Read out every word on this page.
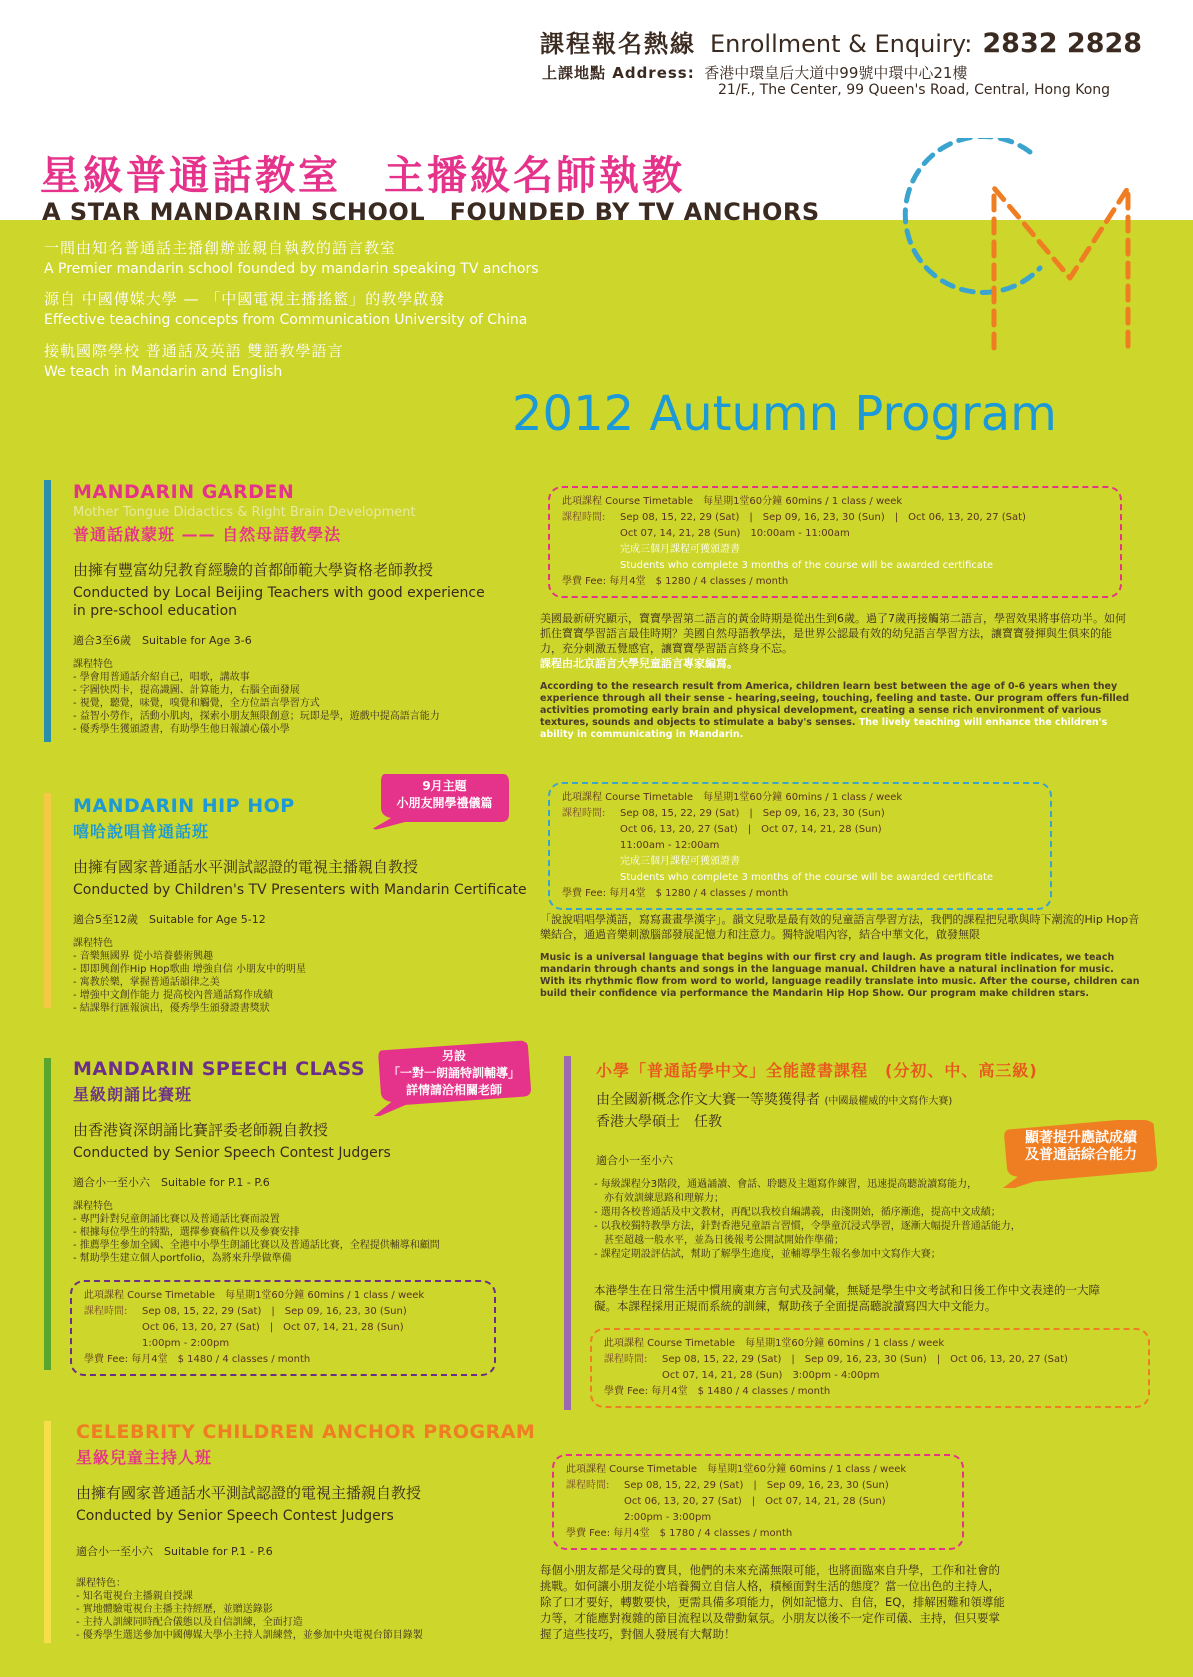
課程報名熱線 Enrollment & Enquiry: 2832 2828
上課地點 Address: 香港中環皇后大道中99號中環中心21樓
21/F., The Center, 99 Queen's Road, Central, Hong Kong
星級普通話教室　主播級名師執教
A STAR MANDARIN SCHOOL　FOUNDED BY TV ANCHORS
一間由知名普通話主播創辦並親自執教的語言教室
A Premier mandarin school founded by mandarin speaking TV anchors
源自 中國傳媒大學 — 「中國電視主播搖籃」的教學啟發
Effective teaching concepts from Communication University of China
接軌國際學校 普通話及英語 雙語教學語言
We teach in Mandarin and English
2012 Autumn Program
MANDARIN GARDEN
Mother Tongue Didactics & Right Brain Development
普通話啟蒙班 —— 自然母語教學法
由擁有豐富幼兒教育經驗的首都師範大學資格老師教授
Conducted by Local Beijing Teachers with good experience
in pre-school education
適合3至6歲　Suitable for Age 3-6
課程特色
- 學會用普通話介紹自己，唱歌，講故事
- 字圖快閃卡，提高識圖、計算能力，右腦全面發展
- 視覺，聽覺，味覺，嗅覺和觸覺，全方位語言學習方式
- 益智小勞作，活動小肌肉，探索小朋友無限創意；玩即是學，遊戲中提高語言能力
- 優秀學生獲頒證書，有助學生他日報讀心儀小學
此項課程 Course Timetable　每星期1堂60分鐘 60mins / 1 class / week
課程時間:	Sep 08, 15, 22, 29 (Sat)　|　Sep 09, 16, 23, 30 (Sun)　|　Oct 06, 13, 20, 27 (Sat)
Oct 07, 14, 21, 28 (Sun)　10:00am - 11:00am
完成三個月課程可獲頒證書
Students who complete 3 months of the course will be awarded certificate
學費 Fee: 每月4堂　$ 1280 / 4 classes / month
美國最新研究顯示，寶寶學習第二語言的黃金時期是從出生到6歲。過了7歲再接觸第二語言，學習效果將事倍功半。如何抓住寶寶學習語言最佳時期？美國自然母語教學法，是世界公認最有效的幼兒語言學習方法，讓寶寶發揮與生俱來的能力，充分刺激五覺感官，讓寶寶學習語言終身不忘。
課程由北京語言大學兒童語言專家編寫。
According to the research result from America, children learn best between the age of 0-6 years when they experience through all their sense - hearing,seeing, touching, feeling and taste. Our program offers fun-filled activities promoting early brain and physical development, creating a sense rich environment of various textures, sounds and objects to stimulate a baby's senses. The lively teaching will enhance the children's ability in communicating in Mandarin.
MANDARIN HIP HOP
嘻哈說唱普通話班
由擁有國家普通話水平測試認證的電視主播親自教授
Conducted by Children's TV Presenters with Mandarin Certificate
適合5至12歲　Suitable for Age 5-12
課程特色
- 音樂無國界 從小培養藝術興趣
- 即即興創作Hip Hop歌曲 增強自信 小朋友中的明星
- 寓教於樂，掌握普通話韻律之美
- 增強中文創作能力 提高校內普通話寫作成績
- 結課舉行匯報演出，優秀學生頒發證書獎狀
9月主題
小朋友開學禮儀篇	此項課程 Course Timetable　每星期1堂60分鐘 60mins / 1 class / week
課程時間:	Sep 08, 15, 22, 29 (Sat)　|　Sep 09, 16, 23, 30 (Sun)
Oct 06, 13, 20, 27 (Sat)　|　Oct 07, 14, 21, 28 (Sun)
11:00am - 12:00am
完成三個月課程可獲頒證書
Students who complete 3 months of the course will be awarded certificate
學費 Fee: 每月4堂　$ 1280 / 4 classes / month
「說說唱唱學漢語，寫寫畫畫學漢字」。韻文兒歌是最有效的兒童語言學習方法，我們的課程把兒歌與時下潮流的Hip Hop音樂結合，通過音樂刺激腦部發展記憶力和注意力。獨特說唱內容，結合中華文化，啟發無限
Music is a universal language that begins with our first cry and laugh. As program title indicates, we teach mandarin through chants and songs in the language manual. Children have a natural inclination for music. With its rhythmic flow from word to world, language readily translate into music. After the course, children can build their confidence via performance the Mandarin Hip Hop Show. Our program make children stars.
MANDARIN SPEECH CLASS
星級朗誦比賽班
由香港資深朗誦比賽評委老師親自教授
Conducted by Senior Speech Contest Judgers
適合小一至小六　Suitable for P.1 - P.6
課程特色
- 專門針對兒童朗誦比賽以及普通話比賽而設置
- 根據每位學生的特點，選擇參賽稿件以及參賽安排
- 推薦學生參加全國、全港中小學生朗誦比賽以及普通話比賽，全程提供輔導和顧問
- 幫助學生建立個人portfolio，為將來升學做準備
另設
「一對一朗誦特訓輔導」
詳情請洽相關老師
此項課程 Course Timetable　每星期1堂60分鐘 60mins / 1 class / week
課程時間:	Sep 08, 15, 22, 29 (Sat)　|　Sep 09, 16, 23, 30 (Sun)
Oct 06, 13, 20, 27 (Sat)　|　Oct 07, 14, 21, 28 (Sun)
1:00pm - 2:00pm
學費 Fee: 每月4堂　$ 1480 / 4 classes / month
CELEBRITY CHILDREN ANCHOR PROGRAM
星級兒童主持人班
由擁有國家普通話水平測試認證的電視主播親自教授
Conducted by Senior Speech Contest Judgers
適合小一至小六　Suitable for P.1 - P.6
課程特色：
- 知名電視台主播親自授課
- 實地體驗電視台主播主持經歷，並贈送錄影
- 主持人訓練同時配合儀態以及自信訓練，全面打造
- 優秀學生選送參加中國傳媒大學小主持人訓練營，並參加中央電視台節目錄製
此項課程 Course Timetable　每星期1堂60分鐘 60mins / 1 class / week
課程時間:	Sep 08, 15, 22, 29 (Sat)　|　Sep 09, 16, 23, 30 (Sun)
Oct 06, 13, 20, 27 (Sat)　|　Oct 07, 14, 21, 28 (Sun)
2:00pm - 3:00pm
學費 Fee: 每月4堂　$ 1780 / 4 classes / month
每個小朋友都是父母的寶貝，他們的未來充滿無限可能，也將面臨來自升學，工作和社會的挑戰。如何讓小朋友從小培養獨立自信人格，積極面對生活的態度？當一位出色的主持人，除了口才要好，轉數要快，更需具備多項能力，例如記憶力、自信，EQ，排解困難和領導能力等，才能應對複雜的節目流程以及帶動氣氛。小朋友以後不一定作司儀、主持，但只要掌握了這些技巧，對個人發展有大幫助！
小學「普通話學中文」全能證書課程　(分初、中、高三級)
由全國新概念作文大賽一等獎獲得者 (中國最權威的中文寫作大賽)
香港大學碩士　任教
顯著提升應試成績
及普通話綜合能力
適合小一至小六
- 每級課程分3階段，通過誦讀、會話、聆聽及主題寫作練習，迅速提高聽說讀寫能力，
　亦有效訓練思路和理解力；
- 選用各校普通話及中文教材，再配以我校自編講義，由淺開始，循序漸進，提高中文成績；
- 以我校獨特教學方法，針對香港兒童語言習慣，令學童沉浸式學習，逐漸大幅提升普通話能力，
　甚至超越一般水平，並為日後報考公開試開始作準備；
- 課程定期設評估試，幫助了解學生進度，並輔導學生報名參加中文寫作大賽；
本港學生在日常生活中慣用廣東方言句式及詞彙，無疑是學生中文考試和日後工作中文表達的一大障礙。本課程採用正規而系統的訓練，幫助孩子全面提高聽說讀寫四大中文能力。
此項課程 Course Timetable　每星期1堂60分鐘 60mins / 1 class / week
課程時間:	Sep 08, 15, 22, 29 (Sat)　|　Sep 09, 16, 23, 30 (Sun)　|　Oct 06, 13, 20, 27 (Sat)
Oct 07, 14, 21, 28 (Sun)　3:00pm - 4:00pm
學費 Fee: 每月4堂　$ 1480 / 4 classes / month
